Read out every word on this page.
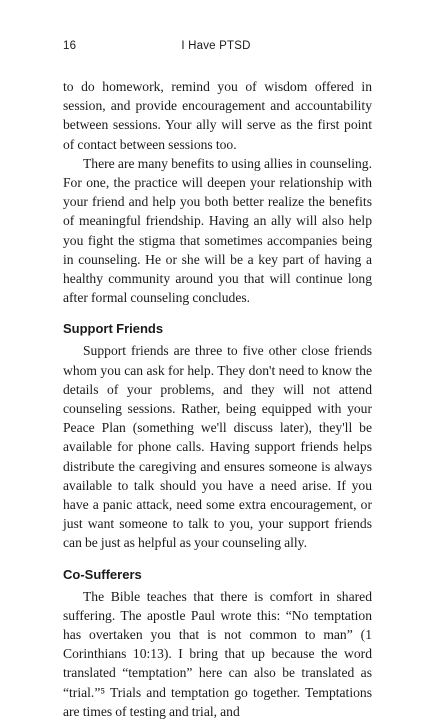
16	I Have PTSD

to do homework, remind you of wisdom offered in session, and provide encouragement and accountability between sessions. Your ally will serve as the first point of contact between sessions too.

There are many benefits to using allies in counseling. For one, the practice will deepen your relationship with your friend and help you both better realize the benefits of meaningful friendship. Having an ally will also help you fight the stigma that sometimes accompanies being in counseling. He or she will be a key part of having a healthy community around you that will continue long after formal counseling concludes.

Support Friends

Support friends are three to five other close friends whom you can ask for help. They don't need to know the details of your problems, and they will not attend counseling sessions. Rather, being equipped with your Peace Plan (something we'll discuss later), they'll be available for phone calls. Having support friends helps distribute the caregiving and ensures someone is always available to talk should you have a need arise. If you have a panic attack, need some extra encouragement, or just want someone to talk to you, your support friends can be just as helpful as your counseling ally.

Co-Sufferers

The Bible teaches that there is comfort in shared suffering. The apostle Paul wrote this: “No temptation has overtaken you that is not common to man” (1 Corinthians 10:13). I bring that up because the word translated “temptation” here can also be translated as “trial.”⁵ Trials and temptation go together. Temptations are times of testing and trial, and
